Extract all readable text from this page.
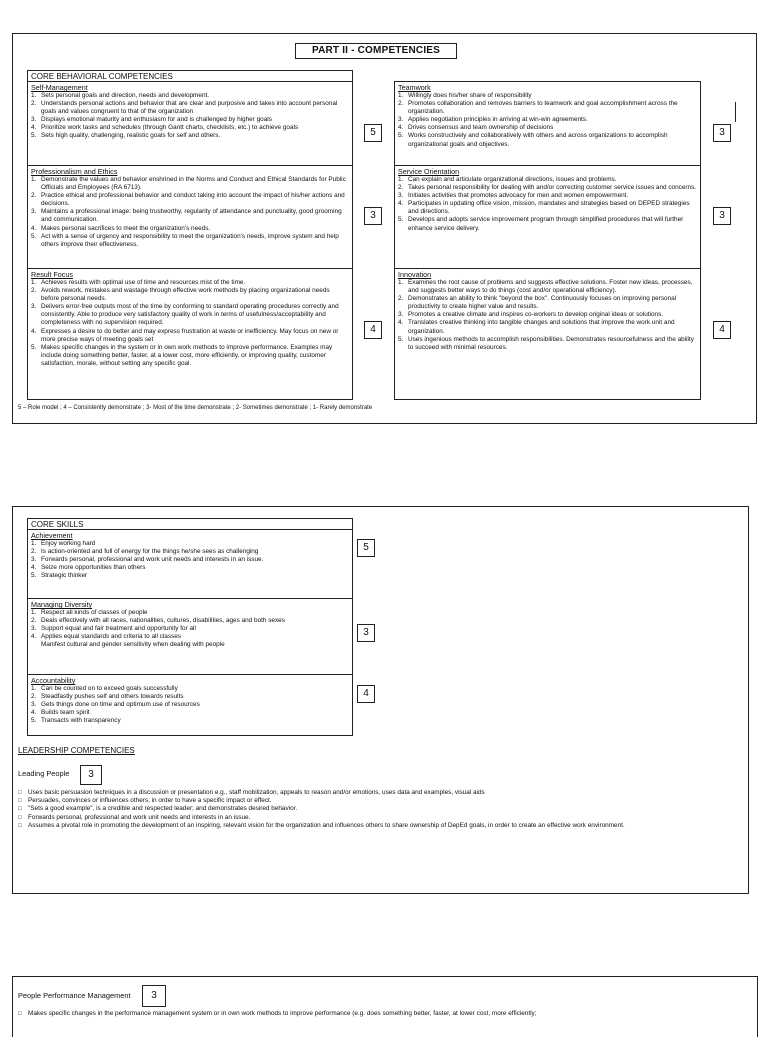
PART II - COMPETENCIES
CORE BEHAVIORAL COMPETENCIES
Self-Management
1. Sets personal goals and direction, needs and development.
2. Understands personal actions and behavior that are clear and purposive and takes into account personal goals and values congruent to that of the organization
3. Displays emotional maturity and enthusiasm for and is challenged by higher goals
4. Prioritize work tasks and schedules (through Gantt charts, checklists, etc.) to achieve goals
5. Sets high quality, challenging, realistic goals for self and others.	5
Professionalism and Ethics
1. Demonstrate the values and behavior enshrined in the Norms and Conduct and Ethical Standards for Public Officials and Employees (RA 6713).
2. Practice ethical and professional behavior and conduct taking into account the impact of his/her actions and decisions.
3. Maintains a professional image: being trustworthy, regularity of attendance and punctuality, good grooming and communication.
4. Makes personal sacrifices to meet the organization's needs.
5. Act with a sense of urgency and responsibility to meet the organization's needs, improve system and help others improve their effectiveness.
3
Result Focus
1. Achieves results with optimal use of time and resources mist of the time.
2. Avoids rework, mistakes and wastage through effective work methods by placing organizational needs before personal needs.
3. Delivers error-free outputs most of the time by conforming to standard operating procedures correctly and consistently. Able to produce very satisfactory quality of work in terms of usefulness/acceptability and completeness with no supervision required.
4. Expresses a desire to do better and may express frustration at waste or inefficiency. May focus on new or more precise ways of meeting goals set
5. Makes specific changes in the system or in own work methods to improve performance. Examples may include doing something better, faster, at a lower cost, more efficiently, or improving quality, customer satisfaction, morale, without setting any specific goal.
4
Teamwork
1. Willingly does his/her share of responsibility
2. Promotes collaboration and removes barriers to teamwork and goal accomplishment across the organization.
3. Applies negotiation principles in arriving at win-win agreements.
4. Drives consensus and team ownership of decisions
5. Works constructively and collaboratively with others and across organizations to accomplish organizational goals and objectives.
3
Service Orientation
1. Can explain and articulate organizational directions, issues and problems.
2. Takes personal responsibility for dealing with and/or correcting customer service issues and concerns.
3. Initiates activities that promotes advocacy for men and women empowerment.
4. Participates in updating office vision, mission, mandates and strategies based on DEPED strategies and directions.
5. Develops and adopts service improvement program through simplified procedures that will further enhance service delivery.
3
Innovation
1. Examines the root cause of problems and suggests effective solutions. Foster new ideas, processes, and suggests better ways to do things (cost and/or operational efficiency).
2. Demonstrates an ability to think "beyond the box". Continuously focuses on improving personal productivity to create higher value and results.
3. Promotes a creative climate and inspires co-workers to develop original ideas or solutions.
4. Translates creative thinking into tangible changes and solutions that improve the work unit and organization.
5. Uses ingenious methods to accomplish responsibilities. Demonstrates resourcefulness and the ability to succeed with minimal resources.
4
5 – Role model ; 4 – Consistently demonstrate ; 3- Most of the time demonstrate ; 2- Sometimes demonstrate ; 1- Rarely demonstrate
CORE SKILLS
Achievement
1. Enjoy working hard
2. Is action-oriented and full of energy for the things he/she sees as challenging
3. Forwards personal, professional and work unit needs and interests in an issue.
4. Seize more opportunities than others
5. Strategic thinker
5
Managing Diversity
1. Respect all kinds of classes of people
2. Deals effectively with all races, nationalities, cultures, disabilities, ages and both sexes
3. Support equal and fair treatment and opportunity for all
4. Applies equal standards and criteria to all classes
Manifest cultural and gender sensitivity when dealing with people
3
Accountability
1. Can be counted on to exceed goals successfully
2. Steadfastly pushes self and others towards results
3. Gets things done on time and optimum use of resources
4. Builds team spirit
5. Transacts with transparency
4
LEADERSHIP COMPETENCIES
Leading People	3
□ Uses basic persuasion techniques in a discussion or presentation e.g., staff mobilization, appeals to reason and/or emotions, uses data and examples, visual aids
□ Persuades, convinces or influences others, in order to have a specific impact or effect.
□ "Sets a good example", is a credible and respected leader; and demonstrates desired behavior.
□ Forwards personal, professional and work unit needs and interests in an issue.
□ Assumes a pivotal role in promoting the development of an inspiring, relevant vision for the organization and influences others to share ownership of DepEd goals, in order to create an effective work environment.
People Performance Management	3
□ Makes specific changes in the performance management system or in own work methods to improve performance (e.g. does something better, faster, at lower cost, more efficiently;
